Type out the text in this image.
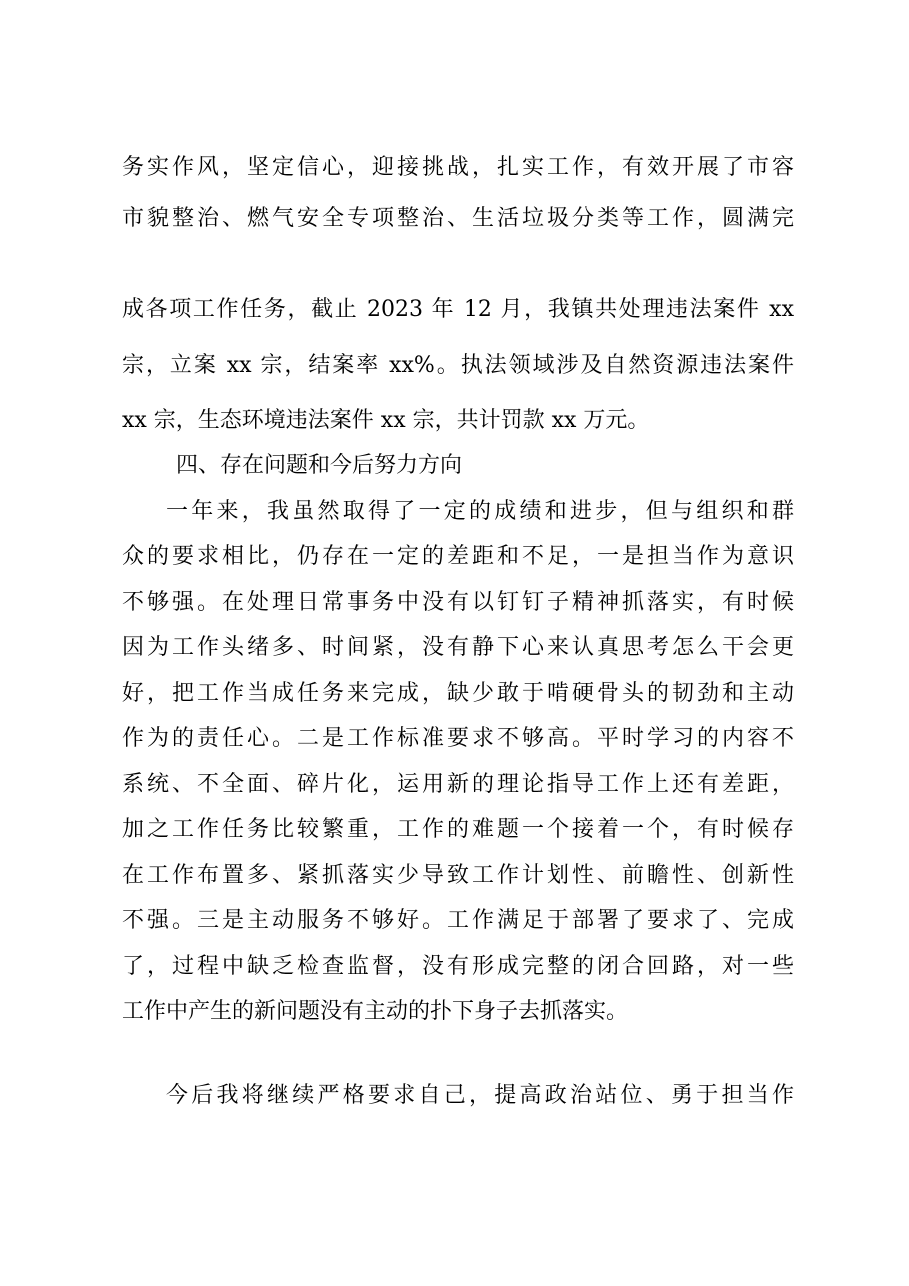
务实作风，坚定信心，迎接挑战，扎实工作，有效开展了市容
市貌整治、燃气安全专项整治、生活垃圾分类等工作，圆满完
成各项工作任务，截止 2023 年 12 月，我镇共处理违法案件 xx
宗，立案 xx 宗，结案率 xx%。执法领域涉及自然资源违法案件
xx 宗，生态环境违法案件 xx 宗，共计罚款 xx 万元。
四、存在问题和今后努力方向
一年来，我虽然取得了一定的成绩和进步，但与组织和群
众的要求相比，仍存在一定的差距和不足，一是担当作为意识
不够强。在处理日常事务中没有以钉钉子精神抓落实，有时候
因为工作头绪多、时间紧，没有静下心来认真思考怎么干会更
好，把工作当成任务来完成，缺少敢于啃硬骨头的韧劲和主动
作为的责任心。二是工作标准要求不够高。平时学习的内容不
系统、不全面、碎片化，运用新的理论指导工作上还有差距，
加之工作任务比较繁重，工作的难题一个接着一个，有时候存
在工作布置多、紧抓落实少导致工作计划性、前瞻性、创新性
不强。三是主动服务不够好。工作满足于部署了要求了、完成
了，过程中缺乏检查监督，没有形成完整的闭合回路，对一些
工作中产生的新问题没有主动的扑下身子去抓落实。
今后我将继续严格要求自己，提高政治站位、勇于担当作
